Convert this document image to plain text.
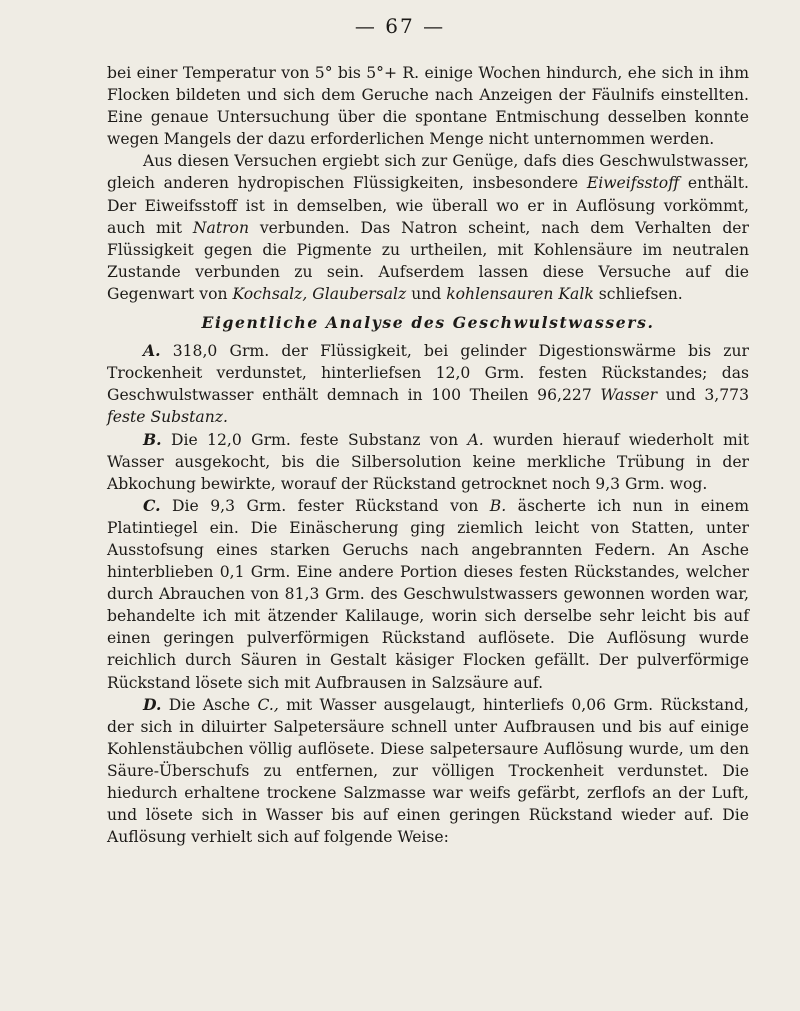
— 67 —

bei einer Temperatur von 5° bis 5°+ R. einige Wochen hindurch, ehe sich in ihm Flocken bildeten und sich dem Geruche nach Anzeigen der Fäulnifs einstellten. Eine genaue Untersuchung über die spontane Entmischung desselben konnte wegen Mangels der dazu erforderlichen Menge nicht unternommen werden.

Aus diesen Versuchen ergiebt sich zur Genüge, dafs dies Geschwulstwasser, gleich anderen hydropischen Flüssigkeiten, insbesondere Eiweifsstoff enthält. Der Eiweifsstoff ist in demselben, wie überall wo er in Auflösung vorkömmt, auch mit Natron verbunden. Das Natron scheint, nach dem Verhalten der Flüssigkeit gegen die Pigmente zu urtheilen, mit Kohlensäure im neutralen Zustande verbunden zu sein. Aufserdem lassen diese Versuche auf die Gegenwart von Kochsalz, Glaubersalz und kohlensauren Kalk schliefsen.

Eigentliche Analyse des Geschwulstwassers.

A. 318,0 Grm. der Flüssigkeit, bei gelinder Digestionswärme bis zur Trockenheit verdunstet, hinterliefsen 12,0 Grm. festen Rückstandes; das Geschwulstwasser enthält demnach in 100 Theilen 96,227 Wasser und 3,773 feste Substanz.

B. Die 12,0 Grm. feste Substanz von A. wurden hierauf wiederholt mit Wasser ausgekocht, bis die Silbersolution keine merkliche Trübung in der Abkochung bewirkte, worauf der Rückstand getrocknet noch 9,3 Grm. wog.

C. Die 9,3 Grm. fester Rückstand von B. äscherte ich nun in einem Platintiegel ein. Die Einäscherung ging ziemlich leicht von Statten, unter Ausstofsung eines starken Geruchs nach angebrannten Federn. An Asche hinterblieben 0,1 Grm. Eine andere Portion dieses festen Rückstandes, welcher durch Abrauchen von 81,3 Grm. des Geschwulstwassers gewonnen worden war, behandelte ich mit ätzender Kalilauge, worin sich derselbe sehr leicht bis auf einen geringen pulverförmigen Rückstand auflösete. Die Auflösung wurde reichlich durch Säuren in Gestalt käsiger Flocken gefällt. Der pulverförmige Rückstand lösete sich mit Aufbrausen in Salzsäure auf.

D. Die Asche C., mit Wasser ausgelaugt, hinterliefs 0,06 Grm. Rückstand, der sich in diluirter Salpetersäure schnell unter Aufbrausen und bis auf einige Kohlenstäubchen völlig auflösete. Diese salpetersaure Auflösung wurde, um den Säure-Überschufs zu entfernen, zur völligen Trockenheit verdunstet. Die hiedurch erhaltene trockene Salzmasse war weifs gefärbt, zerflofs an der Luft, und lösete sich in Wasser bis auf einen geringen Rückstand wieder auf. Die Auflösung verhielt sich auf folgende Weise:
